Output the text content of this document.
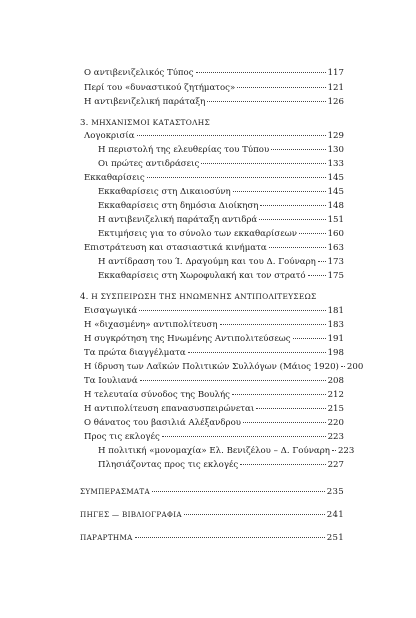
Ο αντιβενιζελικός Τύπος	117
Περί του «δυναστικού ζητήματος»	121
Η αντιβενιζελική παράταξη	126
3. ΜΗΧΑΝΙΣΜΟΙ ΚΑΤΑΣΤΟΛΗΣ
Λογοκρισία	129
Η περιστολή της ελευθερίας του Τύπου	130
Οι πρώτες αντιδράσεις	133
Εκκαθαρίσεις	145
Εκκαθαρίσεις στη Δικαιοσύνη	145
Εκκαθαρίσεις στη δημόσια Διοίκηση	148
Η αντιβενιζελική παράταξη αντιδρά	151
Εκτιμήσεις για το σύνολο των εκκαθαρίσεων	160
Επιστράτευση και στασιαστικά κινήματα	163
Η αντίδραση του Ί. Δραγούμη και του Δ. Γούναρη 173
Εκκαθαρίσεις στη Χωροφυλακή και τον στρατό	175
4. Η ΣΥΣΠΕΙΡΩΣΗ ΤΗΣ ΗΝΩΜΕΝΗΣ ΑΝΤΙΠΟΛΙΤΕΥΣΕΩΣ
Εισαγωγικά	181
Η «διχασμένη» αντιπολίτευση	183
Η συγκρότηση της Ηνωμένης Αντιπολιτεύσεως	191
Τα πρώτα διαγγέλματα	198
Η ίδρυση των Λαϊκών Πολιτικών Συλλόγων (Μάιος 1920) 200
Τα Ιουλιανά	208
Η τελευταία σύνοδος της Βουλής	212
Η αντιπολίτευση επανασυσπειρώνεται	215
Ο θάνατος του βασιλιά Αλέξανδρου	220
Προς τις εκλογές	223
Η πολιτική «μονομαχία» Ελ. Βενιζέλου – Δ. Γούναρη 223
Πλησιάζοντας προς τις εκλογές	227
ΣΥΜΠΕΡΑΣΜΑΤΑ	235
ΠΗΓΕΣ — ΒΙΒΛΙΟΓΡΑΦΙΑ	241
ΠΑΡΑΡΤΗΜΑ	251
